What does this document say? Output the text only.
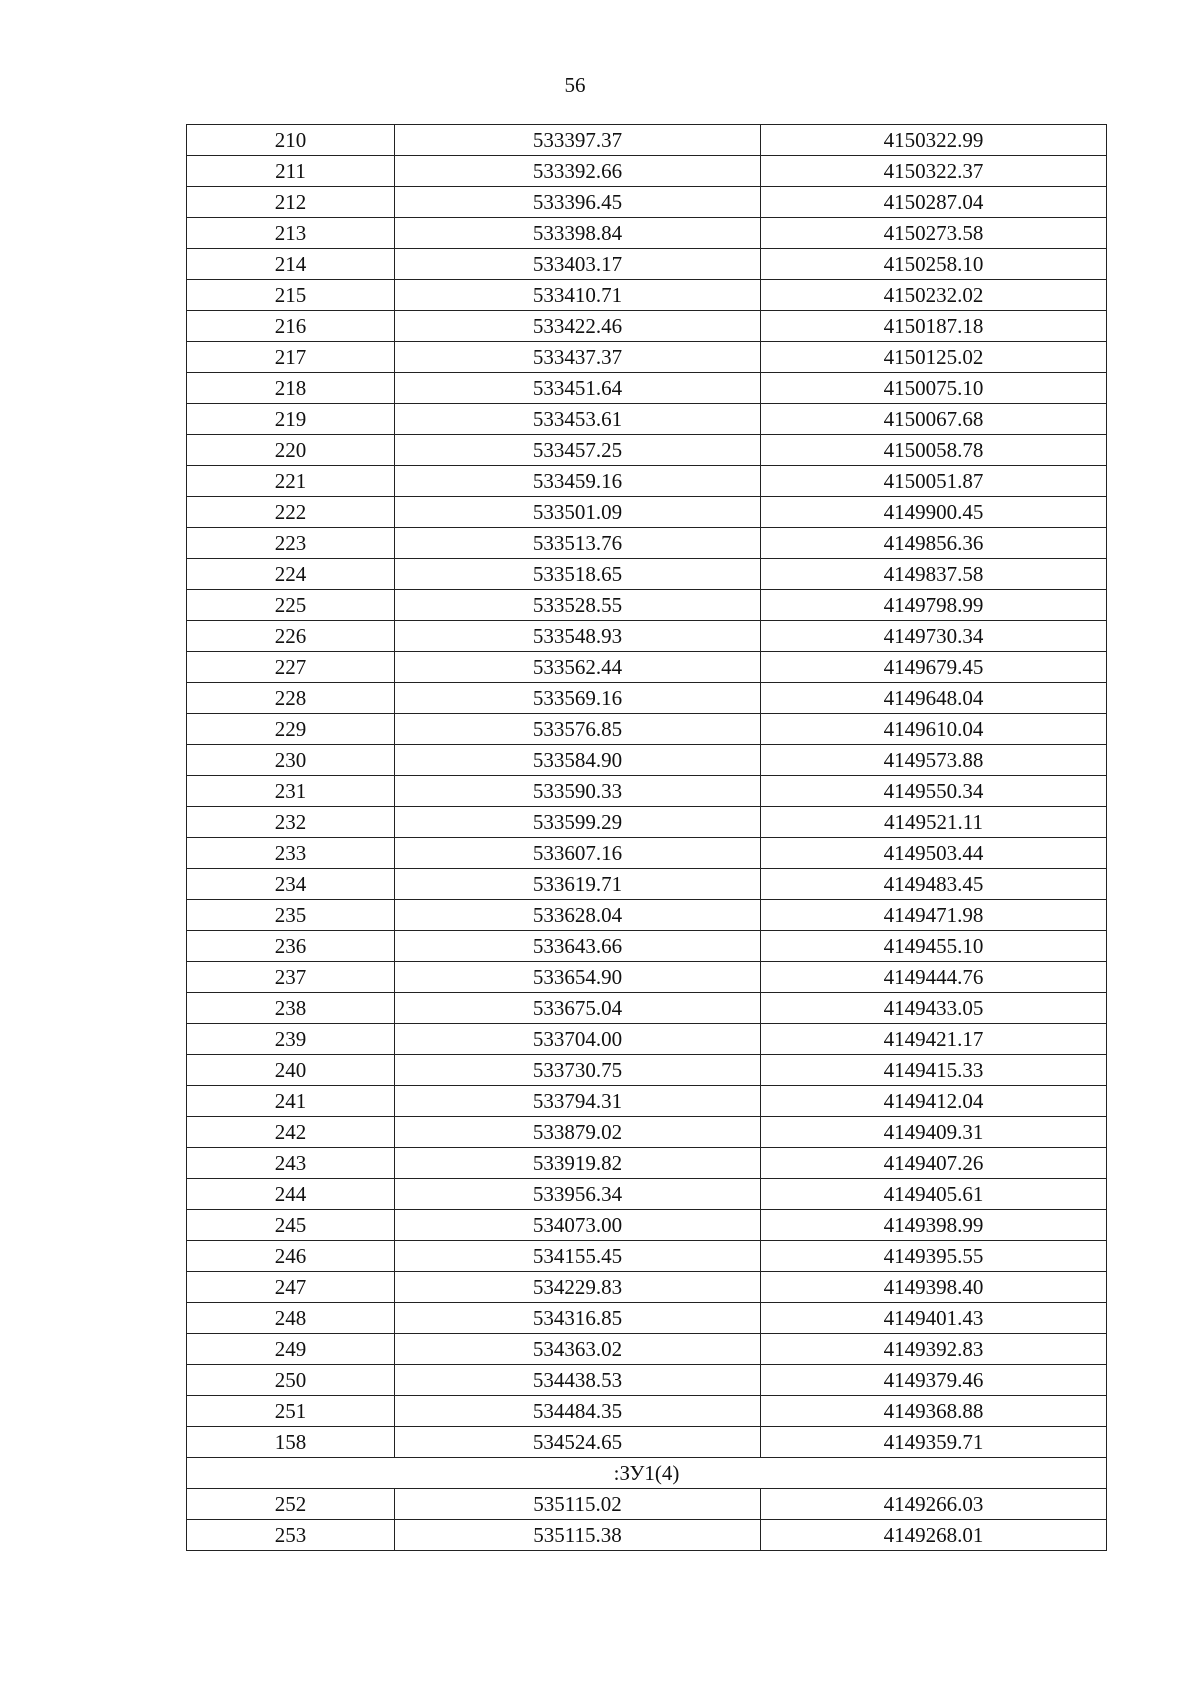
56
210	533397.37	4150322.99
211	533392.66	4150322.37
212	533396.45	4150287.04
213	533398.84	4150273.58
214	533403.17	4150258.10
215	533410.71	4150232.02
216	533422.46	4150187.18
217	533437.37	4150125.02
218	533451.64	4150075.10
219	533453.61	4150067.68
220	533457.25	4150058.78
221	533459.16	4150051.87
222	533501.09	4149900.45
223	533513.76	4149856.36
224	533518.65	4149837.58
225	533528.55	4149798.99
226	533548.93	4149730.34
227	533562.44	4149679.45
228	533569.16	4149648.04
229	533576.85	4149610.04
230	533584.90	4149573.88
231	533590.33	4149550.34
232	533599.29	4149521.11
233	533607.16	4149503.44
234	533619.71	4149483.45
235	533628.04	4149471.98
236	533643.66	4149455.10
237	533654.90	4149444.76
238	533675.04	4149433.05
239	533704.00	4149421.17
240	533730.75	4149415.33
241	533794.31	4149412.04
242	533879.02	4149409.31
243	533919.82	4149407.26
244	533956.34	4149405.61
245	534073.00	4149398.99
246	534155.45	4149395.55
247	534229.83	4149398.40
248	534316.85	4149401.43
249	534363.02	4149392.83
250	534438.53	4149379.46
251	534484.35	4149368.88
158	534524.65	4149359.71
:ЗУ1(4)		
252	535115.02	4149266.03
253	535115.38	4149268.01
